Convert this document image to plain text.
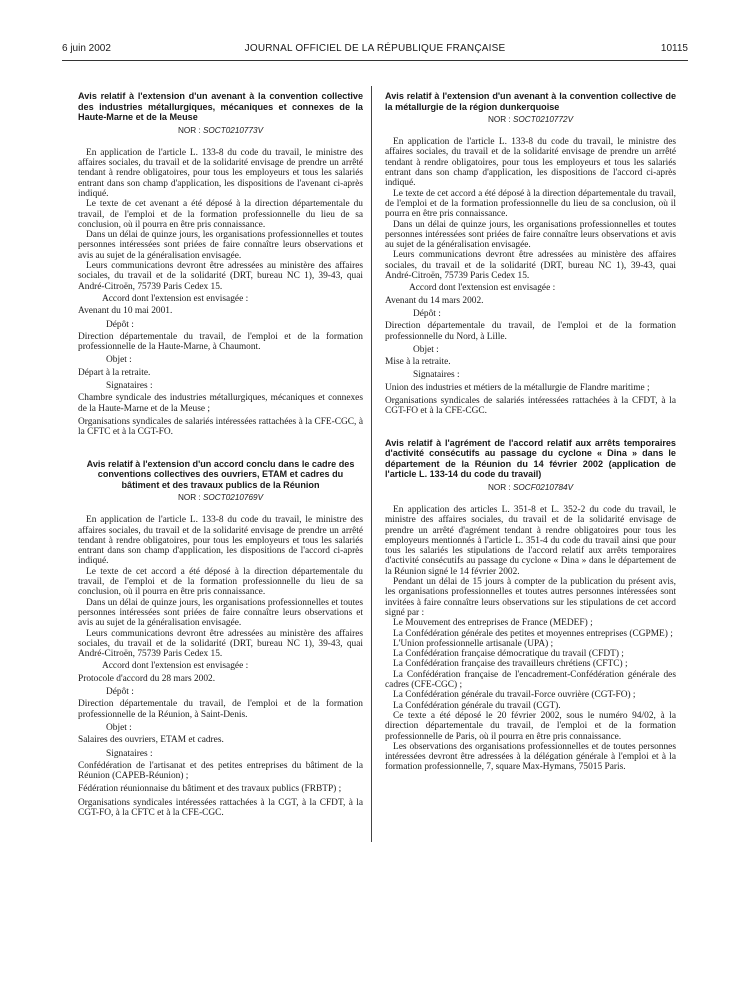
6 juin 2002	JOURNAL OFFICIEL DE LA RÉPUBLIQUE FRANÇAISE	10115

Avis relatif à l'extension d'un avenant à la convention collective des industries métallurgiques, mécaniques et connexes de la Haute-Marne et de la Meuse

NOR : SOCT0210773V

En application de l'article L. 133-8 du code du travail, le ministre des affaires sociales, du travail et de la solidarité envisage de prendre un arrêté tendant à rendre obligatoires, pour tous les employeurs et tous les salariés entrant dans son champ d'application, les dispositions de l'avenant ci-après indiqué.

Le texte de cet avenant a été déposé à la direction départementale du travail, de l'emploi et de la formation professionnelle du lieu de sa conclusion, où il pourra en être pris connaissance.

Dans un délai de quinze jours, les organisations professionnelles et toutes personnes intéressées sont priées de faire connaître leurs observations et avis au sujet de la généralisation envisagée.

Leurs communications devront être adressées au ministère des affaires sociales, du travail et de la solidarité (DRT, bureau NC 1), 39-43, quai André-Citroën, 75739 Paris Cedex 15.

Accord dont l'extension est envisagée :

Avenant du 10 mai 2001.

Dépôt :

Direction départementale du travail, de l'emploi et de la formation professionnelle de la Haute-Marne, à Chaumont.

Objet :

Départ à la retraite.

Signataires :

Chambre syndicale des industries métallurgiques, mécaniques et connexes de la Haute-Marne et de la Meuse ;

Organisations syndicales de salariés intéressées rattachées à la CFE-CGC, à la CFTC et à la CGT-FO.

Avis relatif à l'extension d'un accord conclu dans le cadre des conventions collectives des ouvriers, ETAM et cadres du bâtiment et des travaux publics de la Réunion

NOR : SOCT0210769V

En application de l'article L. 133-8 du code du travail, le ministre des affaires sociales, du travail et de la solidarité envisage de prendre un arrêté tendant à rendre obligatoires, pour tous les employeurs et tous les salariés entrant dans son champ d'application, les dispositions de l'accord ci-après indiqué.

Le texte de cet accord a été déposé à la direction départementale du travail, de l'emploi et de la formation professionnelle du lieu de sa conclusion, où il pourra en être pris connaissance.

Dans un délai de quinze jours, les organisations professionnelles et toutes personnes intéressées sont priées de faire connaître leurs observations et avis au sujet de la généralisation envisagée.

Leurs communications devront être adressées au ministère des affaires sociales, du travail et de la solidarité (DRT, bureau NC 1), 39-43, quai André-Citroën, 75739 Paris Cedex 15.

Accord dont l'extension est envisagée :

Protocole d'accord du 28 mars 2002.

Dépôt :

Direction départementale du travail, de l'emploi et de la formation professionnelle de la Réunion, à Saint-Denis.

Objet :

Salaires des ouvriers, ETAM et cadres.

Signataires :

Confédération de l'artisanat et des petites entreprises du bâtiment de la Réunion (CAPEB-Réunion) ;

Fédération réunionnaise du bâtiment et des travaux publics (FRBTP) ;

Organisations syndicales intéressées rattachées à la CGT, à la CFDT, à la CGT-FO, à la CFTC et à la CFE-CGC.

Avis relatif à l'extension d'un avenant à la convention collective de la métallurgie de la région dunkerquoise

NOR : SOCT0210772V

En application de l'article L. 133-8 du code du travail, le ministre des affaires sociales, du travail et de la solidarité envisage de prendre un arrêté tendant à rendre obligatoires, pour tous les employeurs et tous les salariés entrant dans son champ d'application, les dispositions de l'accord ci-après indiqué.

Le texte de cet accord a été déposé à la direction départementale du travail, de l'emploi et de la formation professionnelle du lieu de sa conclusion, où il pourra en être pris connaissance.

Dans un délai de quinze jours, les organisations professionnelles et toutes personnes intéressées sont priées de faire connaître leurs observations et avis au sujet de la généralisation envisagée.

Leurs communications devront être adressées au ministère des affaires sociales, du travail et de la solidarité (DRT, bureau NC 1), 39-43, quai André-Citroën, 75739 Paris Cedex 15.

Accord dont l'extension est envisagée :

Avenant du 14 mars 2002.

Dépôt :

Direction départementale du travail, de l'emploi et de la formation professionnelle du Nord, à Lille.

Objet :

Mise à la retraite.

Signataires :

Union des industries et métiers de la métallurgie de Flandre maritime ;

Organisations syndicales de salariés intéressées rattachées à la CFDT, à la CGT-FO et à la CFE-CGC.

Avis relatif à l'agrément de l'accord relatif aux arrêts temporaires d'activité consécutifs au passage du cyclone « Dina » dans le département de la Réunion du 14 février 2002 (application de l'article L. 133-14 du code du travail)

NOR : SOCF0210784V

En application des articles L. 351-8 et L. 352-2 du code du travail, le ministre des affaires sociales, du travail et de la solidarité envisage de prendre un arrêté d'agrément tendant à rendre obligatoires pour tous les employeurs mentionnés à l'article L. 351-4 du code du travail ainsi que pour tous les salariés les stipulations de l'accord relatif aux arrêts temporaires d'activité consécutifs au passage du cyclone « Dina » dans le département de la Réunion signé le 14 février 2002.

Pendant un délai de 15 jours à compter de la publication du présent avis, les organisations professionnelles et toutes autres personnes intéressées sont invitées à faire connaître leurs observations sur les stipulations de cet accord signé par :

Le Mouvement des entreprises de France (MEDEF) ;

La Confédération générale des petites et moyennes entreprises (CGPME) ;

L'Union professionnelle artisanale (UPA) ;

La Confédération française démocratique du travail (CFDT) ;

La Confédération française des travailleurs chrétiens (CFTC) ;

La Confédération française de l'encadrement-Confédération générale des cadres (CFE-CGC) ;

La Confédération générale du travail-Force ouvrière (CGT-FO) ;

La Confédération générale du travail (CGT).

Ce texte a été déposé le 20 février 2002, sous le numéro 94/02, à la direction départementale du travail, de l'emploi et de la formation professionnelle de Paris, où il pourra en être pris connaissance.

Les observations des organisations professionnelles et de toutes personnes intéressées devront être adressées à la délégation générale à l'emploi et à la formation professionnelle, 7, square Max-Hymans, 75015 Paris.
